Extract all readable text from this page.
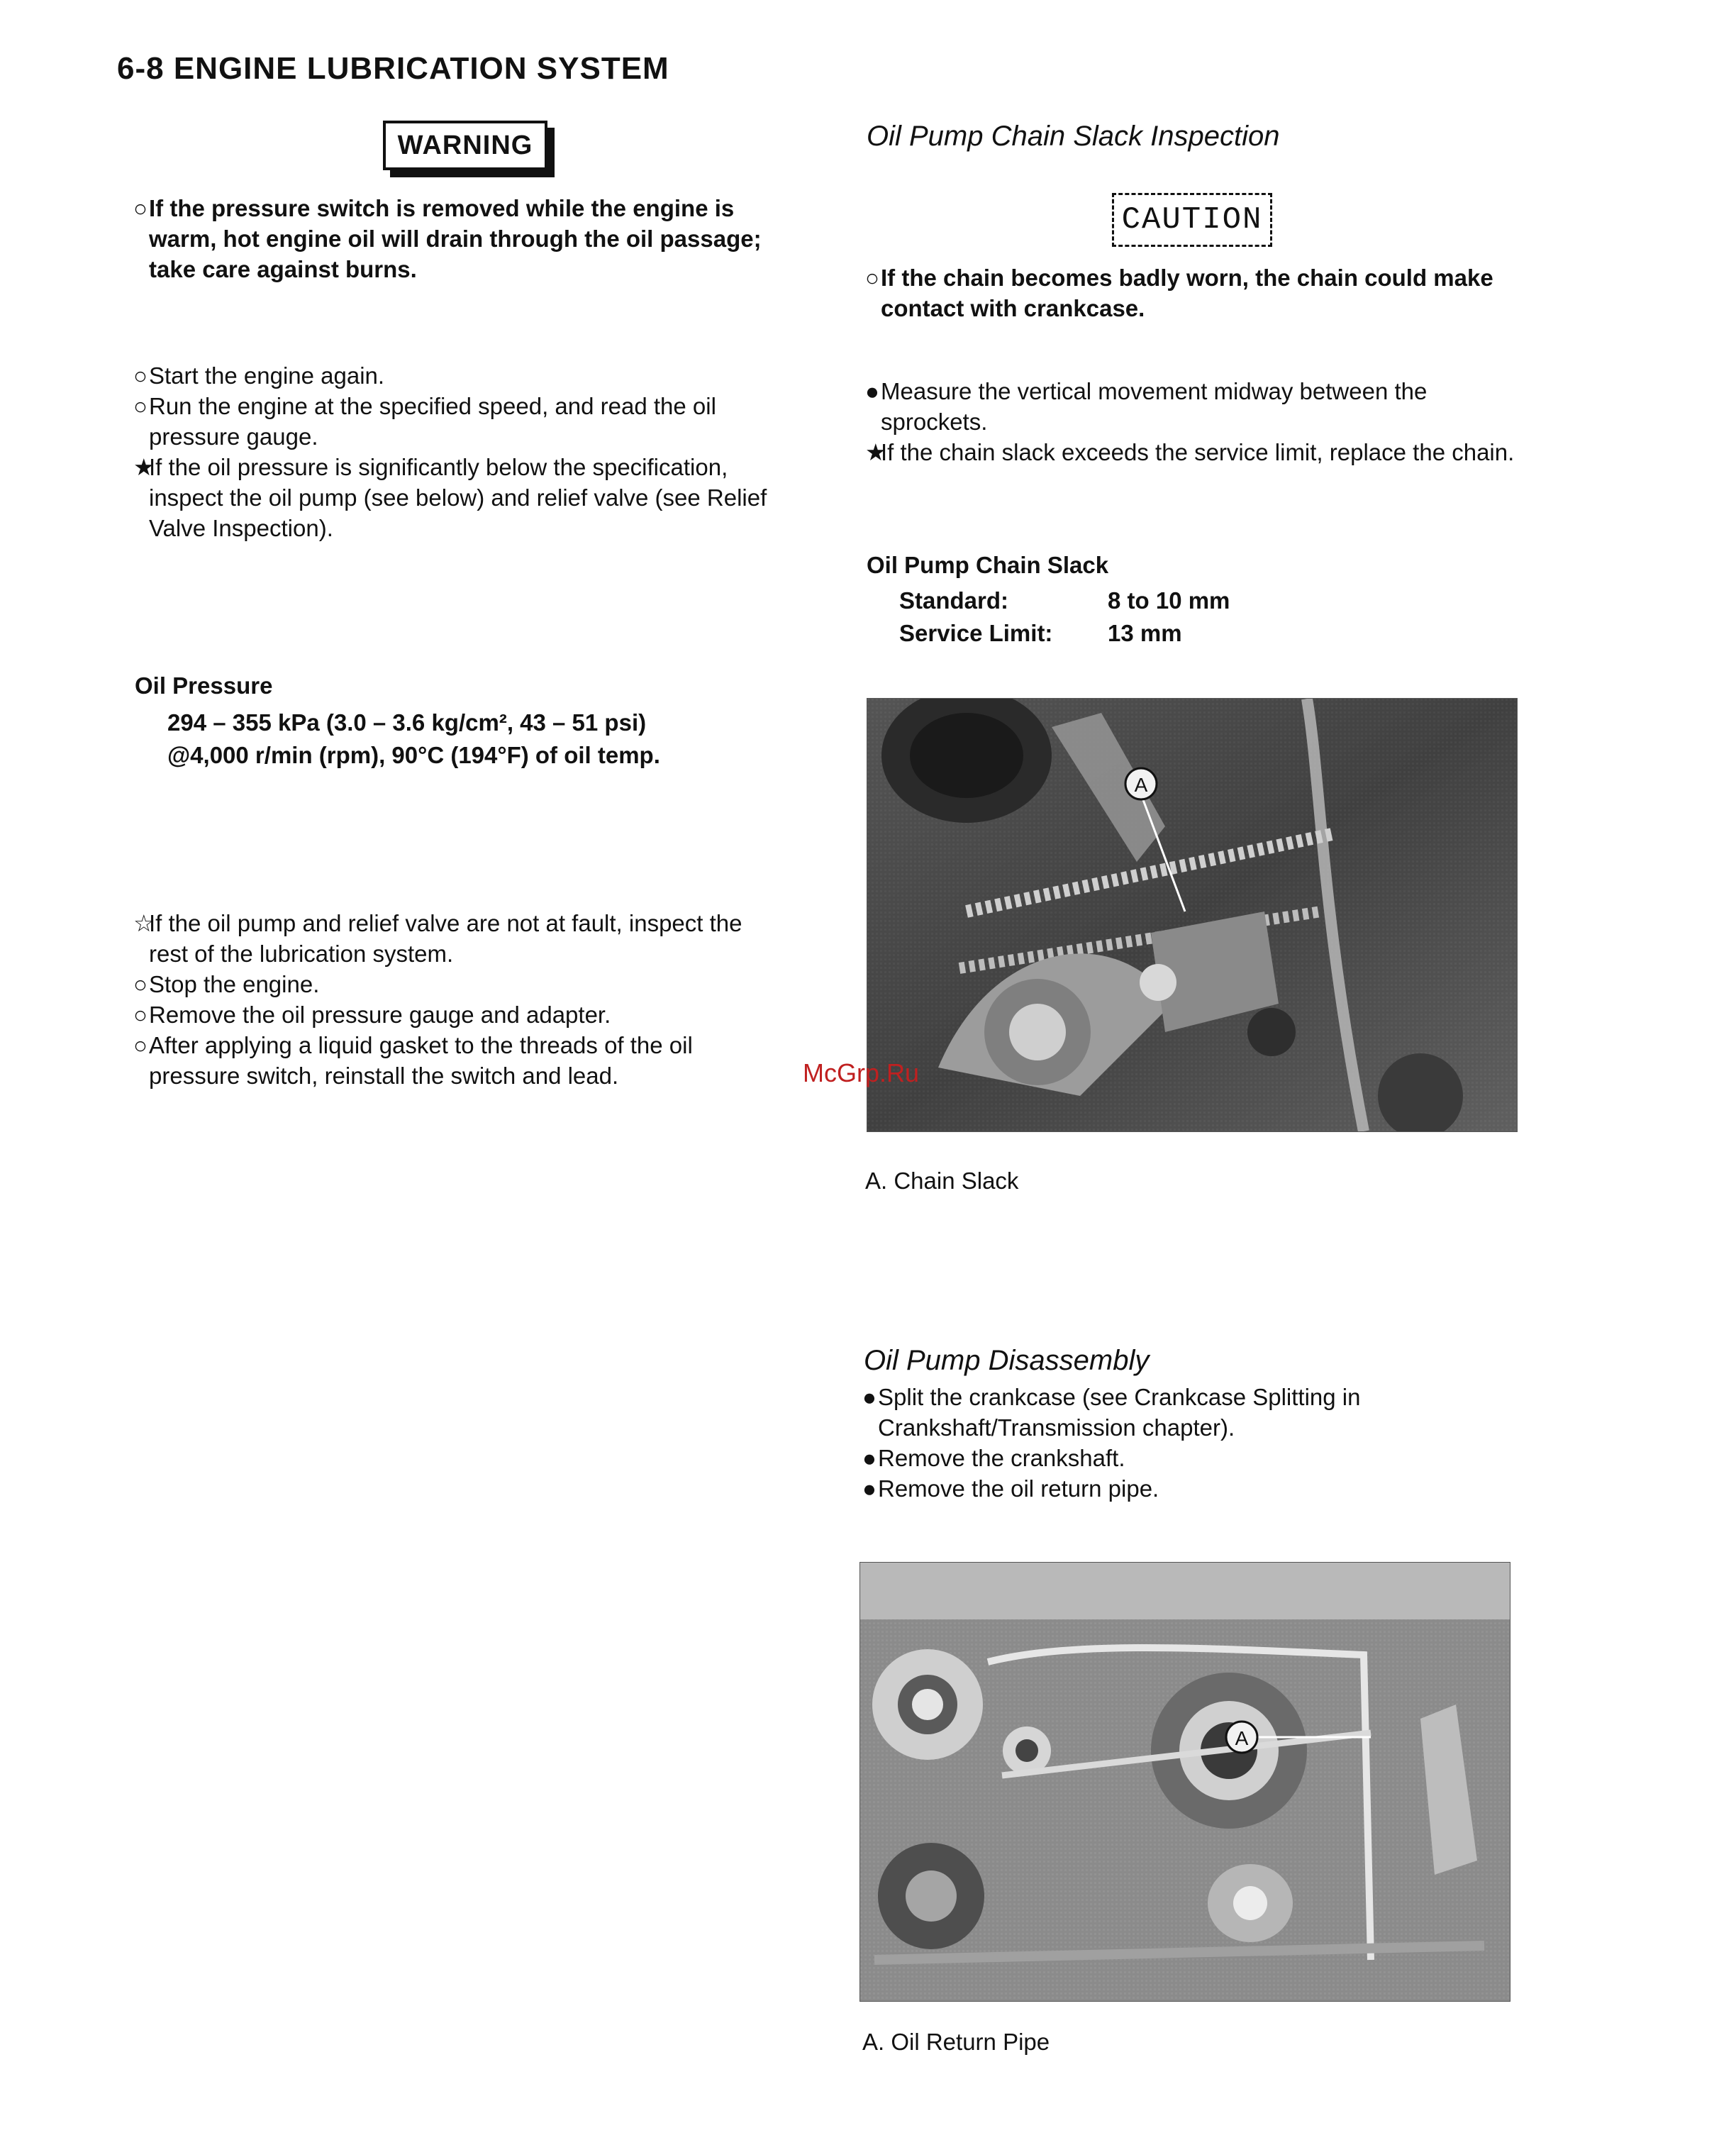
6-8 ENGINE LUBRICATION SYSTEM
WARNING

○ If the pressure switch is removed while the engine is warm, hot engine oil will drain through the oil passage; take care against burns.

○ Start the engine again.

○ Run the engine at the specified speed, and read the oil pressure gauge.

★
If the oil pressure is significantly below the specification, inspect the oil pump (see below) and relief valve (see Relief Valve Inspection).

Oil Pressure
294 – 355 kPa (3.0 – 3.6 kg/cm², 43 – 51 psi)
@4,000 r/min (rpm), 90°C (194°F) of oil temp.

☆
If the oil pump and relief valve are not at fault, inspect the rest of the lubrication system.

○ Stop the engine.

○ Remove the oil pressure gauge and adapter.

○ After applying a liquid gasket to the threads of the oil pressure switch, reinstall the switch and lead.

Oil Pump Chain Slack Inspection
CAUTION

○ If the chain becomes badly worn, the chain could make contact with crankcase.

● Measure the vertical movement midway between the sprockets.

★
If the chain slack exceeds the service limit, replace the chain.

Oil Pump Chain Slack
Standard:	8 to 10 mm
Service Limit: 13 mm
A
McGrp.Ru
A. Chain Slack
Oil Pump Disassembly

● Split the crankcase (see Crankcase Splitting in Crankshaft/Transmission chapter).

● Remove the crankshaft.

● Remove the oil return pipe.

A
A. Oil Return Pipe
